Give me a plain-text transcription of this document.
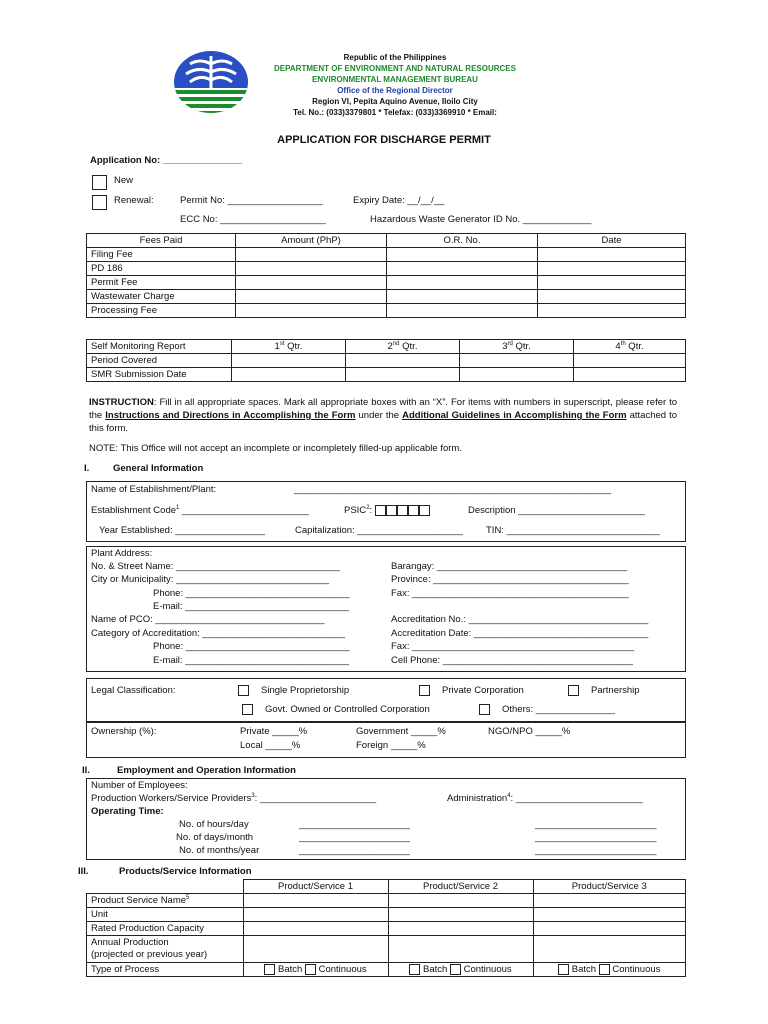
Republic of the Philippines
DEPARTMENT OF ENVIRONMENT AND NATURAL RESOURCES
ENVIRONMENTAL MANAGEMENT BUREAU
Office of the Regional Director
Region VI, Pepita Aquino Avenue, Iloilo City
Tel. No.: (033)3379801 * Telefax: (033)3369910 * Email:
APPLICATION FOR DISCHARGE PERMIT
Application No: _______________
New
Renewal:	Permit No: __________________	Expiry Date: __/__/__
ECC No: ____________________	Hazardous Waste Generator ID No. _____________
Fees Paid	Amount (PhP)	O.R. No.	Date
Filing Fee			
PD 186			
Permit Fee			
Wastewater Charge			
Processing Fee			
Self Monitoring Report	1st Qtr.	2nd Qtr.	3rd Qtr.	4th Qtr.
Period Covered				
SMR Submission Date				
INSTRUCTION: Fill in all appropriate spaces. Mark all appropriate boxes with an “X”. For items with numbers in superscript, please refer to the Instructions and Directions in Accomplishing the Form under the Additional Guidelines in Accomplishing the Form attached to this form.
NOTE: This Office will not accept an incomplete or incompletely filled-up applicable form.
I. General Information
Name of Establishment/Plant:	____________________________________________________________
Establishment Code$^1$ ________________________	PSIC$^2$:	Description ________________________
Year Established: _________________	Capitalization: ____________________ TIN: _____________________________
Plant Address:
No. & Street Name: _______________________________	Barangay: ____________________________________
City or Municipality: _____________________________	Province: _____________________________________
Phone: _______________________________	Fax: _________________________________________
E-mail: _______________________________
Name of PCO: ________________________________	Accreditation No.: __________________________________
Category of Accreditation: ___________________________	Accreditation Date: _________________________________
Phone: _______________________________	Fax: __________________________________________
E-mail: _______________________________	Cell Phone: ____________________________________
Legal Classification:	Single Proprietorship	Private Corporation	Partnership
Govt. Owned or Controlled Corporation	Others: _______________
Ownership (%):	Private _____%	Government _____%	NGO/NPO _____%
Local _____%	Foreign _____%
II.	Employment and Operation Information
Number of Employees:
Production Workers/Service Providers$^3$: ______________________	Administration$^4$: ________________________
Operating Time:
No. of hours/day	_____________________	_______________________
No. of days/month	_____________________	_______________________
No. of months/year	_____________________	_______________________
III.	Products/Service Information
	Product/Service 1	Product/Service 2	Product/Service 3
Product Service Name$^5$			
Unit			
Rated Production Capacity			
Annual Production
(projected or previous year)			
Type of Process	Batch Continuous	Batch Continuous	Batch Continuous
